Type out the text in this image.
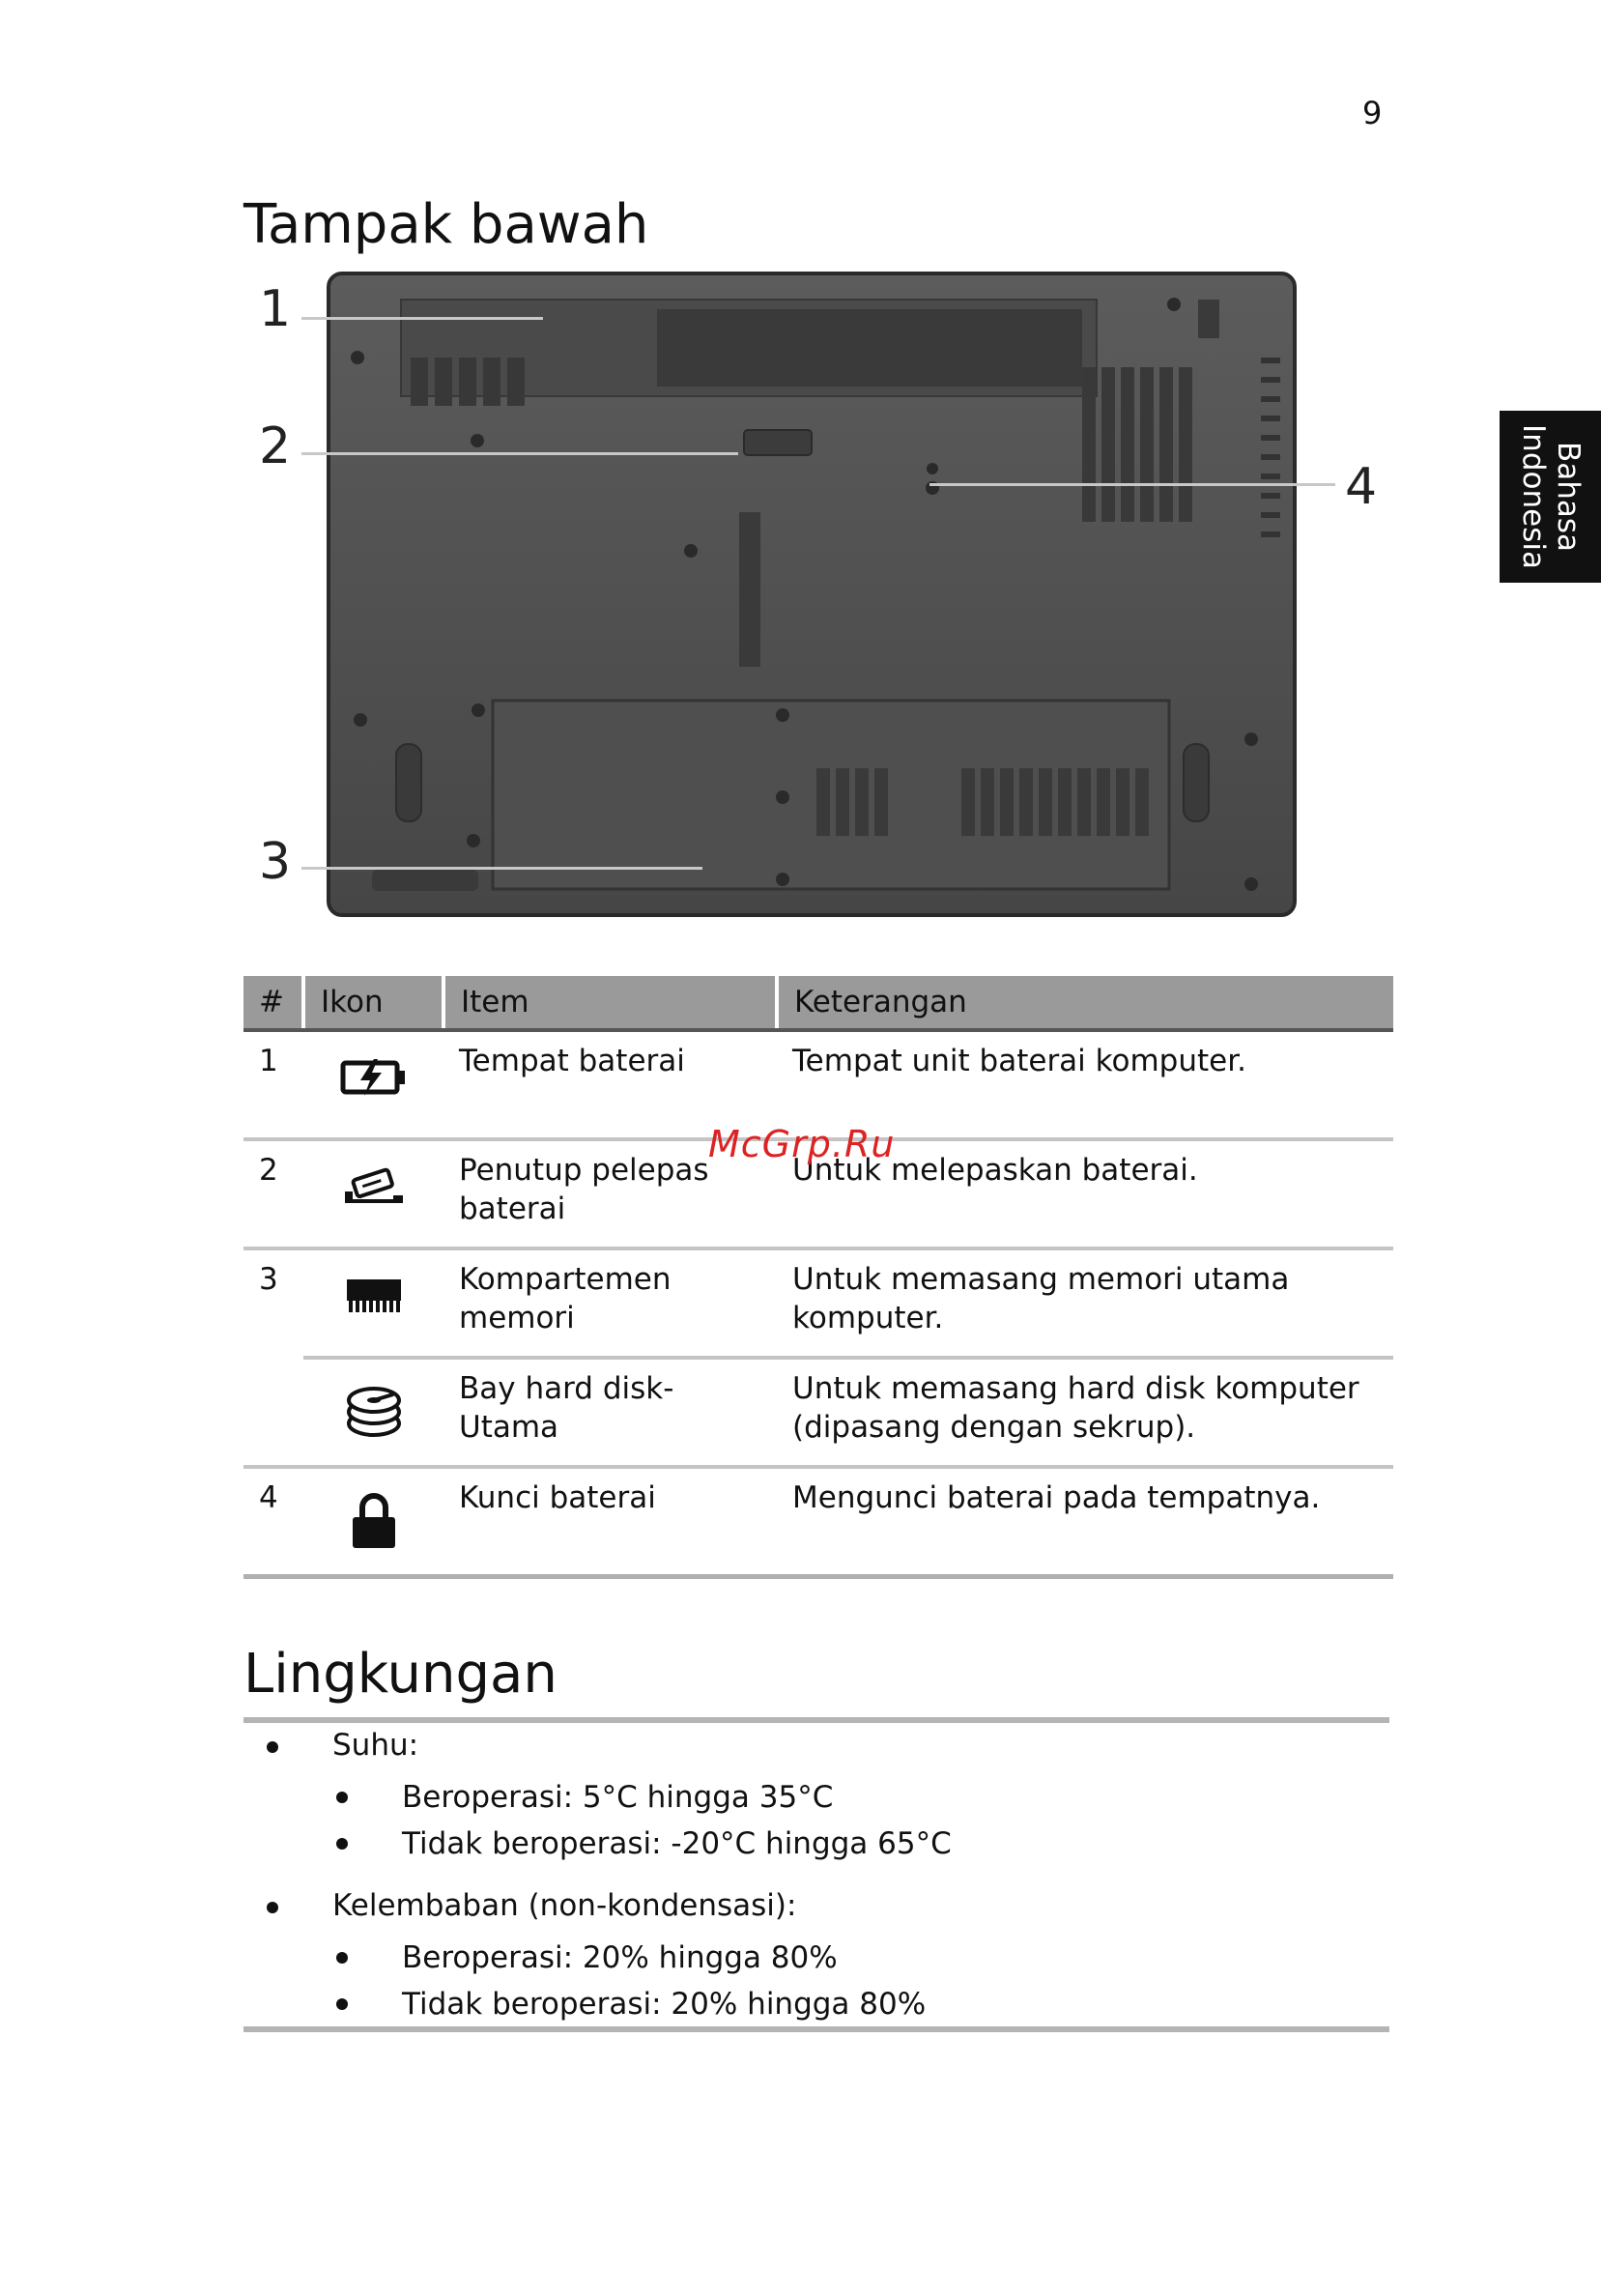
9
Bahasa
Indonesia
Tampak bawah
1
2
3
4
#	Ikon	Item	Keterangan
1		Tempat baterai	Tempat unit baterai komputer.
2		Penutup pelepas baterai	Untuk melepaskan baterai.
3		Kompartemen memori	Untuk memasang memori utama komputer.
		Bay hard disk-Utama	Untuk memasang hard disk komputer (dipasang dengan sekrup).
4		Kunci baterai	Mengunci baterai pada tempatnya.
McGrp.Ru
Lingkungan
Suhu:
Beroperasi: 5°C hingga 35°C
Tidak beroperasi: -20°C hingga 65°C
Kelembaban (non-kondensasi):
Beroperasi: 20% hingga 80%
Tidak beroperasi: 20% hingga 80%
